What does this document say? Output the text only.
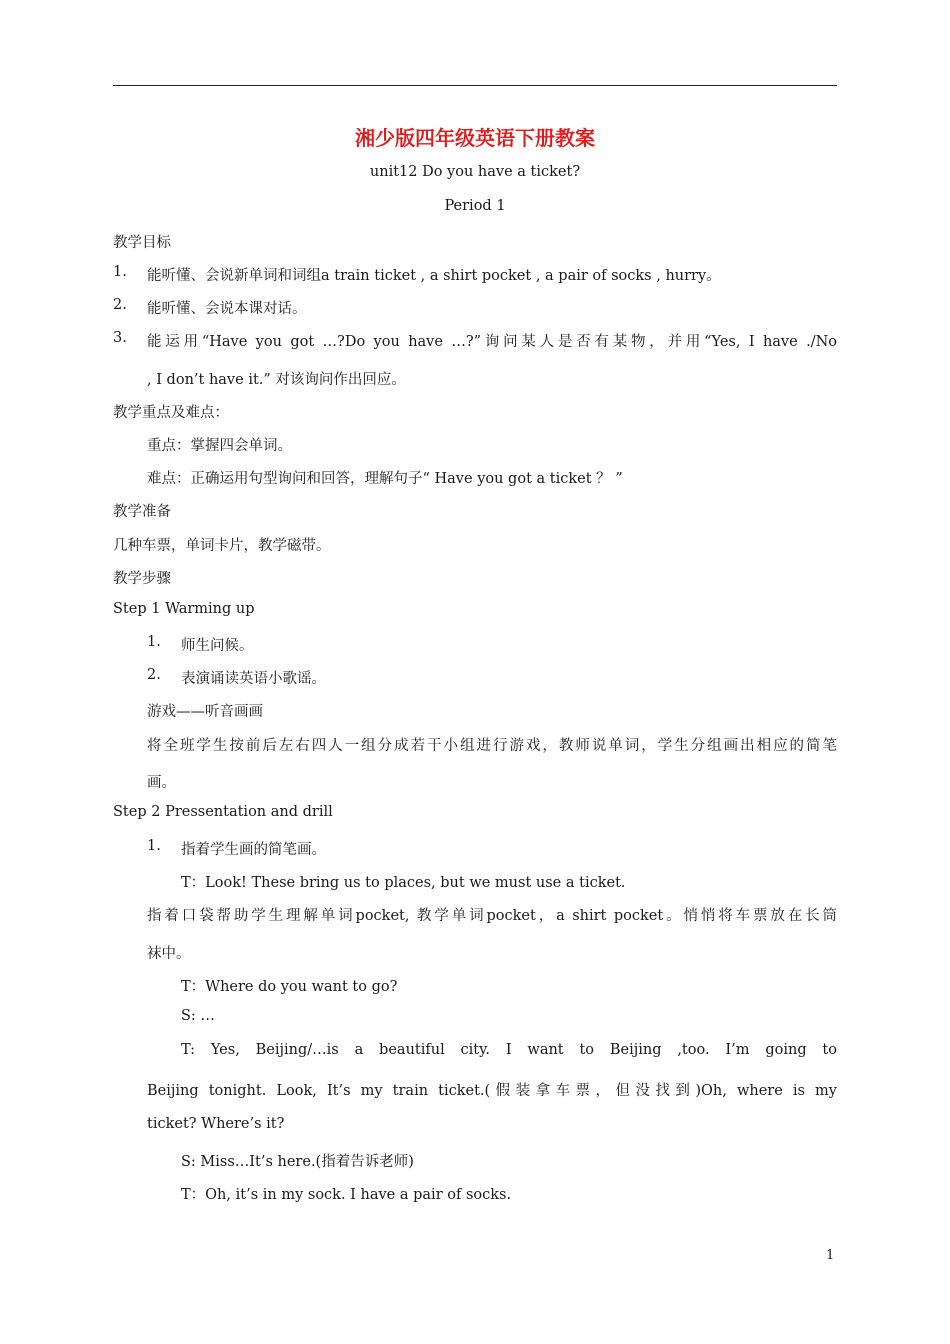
湘少版四年级英语下册教案
unit12 Do you have a ticket?
Period 1
教学目标
1. 能听懂、会说新单词和词组a train ticket , a shirt pocket , a pair of socks , hurry。
2. 能听懂、会说本课对话。
3. 能运用“Have you got …?Do you have …?”询问某人是否有某物，并用“Yes, I have ./No
, I don’t have it.” 对该询问作出回应。
教学重点及难点：
重点：掌握四会单词。
难点：正确运用句型询问和回答，理解句子“ Have you got a ticket ？ ”
教学准备
几种车票，单词卡片，教学磁带。
教学步骤
Step 1 Warming up
1. 师生问候。
2. 表演诵读英语小歌谣。
游戏——听音画画
将全班学生按前后左右四人一组分成若干小组进行游戏，教师说单词，学生分组画出相应的简笔
画。
Step 2 Pressentation and drill
1. 指着学生画的简笔画。
T：Look! These bring us to places, but we must use a ticket.
指着口袋帮助学生理解单词pocket, 教学单词pocket，a shirt pocket。悄悄将车票放在长筒
袜中。
T：Where do you want to go?
S: …
T: Yes, Beijing/…is a beautiful city. I want to Beijing ,too. I’m going to
Beijing tonight. Look, It’s my train ticket.(假装拿车票，但没找到)Oh, where is my
ticket? Where’s it?
S: Miss…It’s here.(指着告诉老师)
T：Oh, it’s in my sock. I have a pair of socks.
1
